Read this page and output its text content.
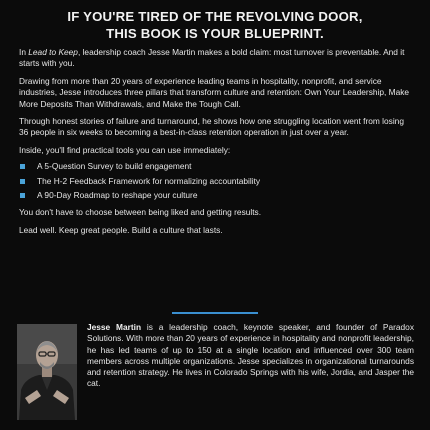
IF YOU'RE TIRED OF THE REVOLVING DOOR,
THIS BOOK IS YOUR BLUEPRINT.

In Lead to Keep, leadership coach Jesse Martin makes a bold claim: most turnover is preventable. And it starts with you.

Drawing from more than 20 years of experience leading teams in hospitality, nonprofit, and service industries, Jesse introduces three pillars that transform culture and retention: Own Your Leadership, Make More Deposits Than Withdrawals, and Make the Tough Call.

Through honest stories of failure and turnaround, he shows how one struggling location went from losing 36 people in six weeks to becoming a best-in-class retention operation in just over a year.

Inside, you'll find practical tools you can use immediately:

A 5-Question Survey to build engagement
The H-2 Feedback Framework for normalizing accountability
A 90-Day Roadmap to reshape your culture

You don't have to choose between being liked and getting results.

Lead well. Keep great people. Build a culture that lasts.

Jesse Martin is a leadership coach, keynote speaker, and founder of Paradox Solutions. With more than 20 years of experience in hospitality and nonprofit leadership, he has led teams of up to 150 at a single location and influenced over 300 team members across multiple organizations. Jesse specializes in organizational turnarounds and retention strategy. He lives in Colorado Springs with his wife, Jordia, and Jasper the cat.
